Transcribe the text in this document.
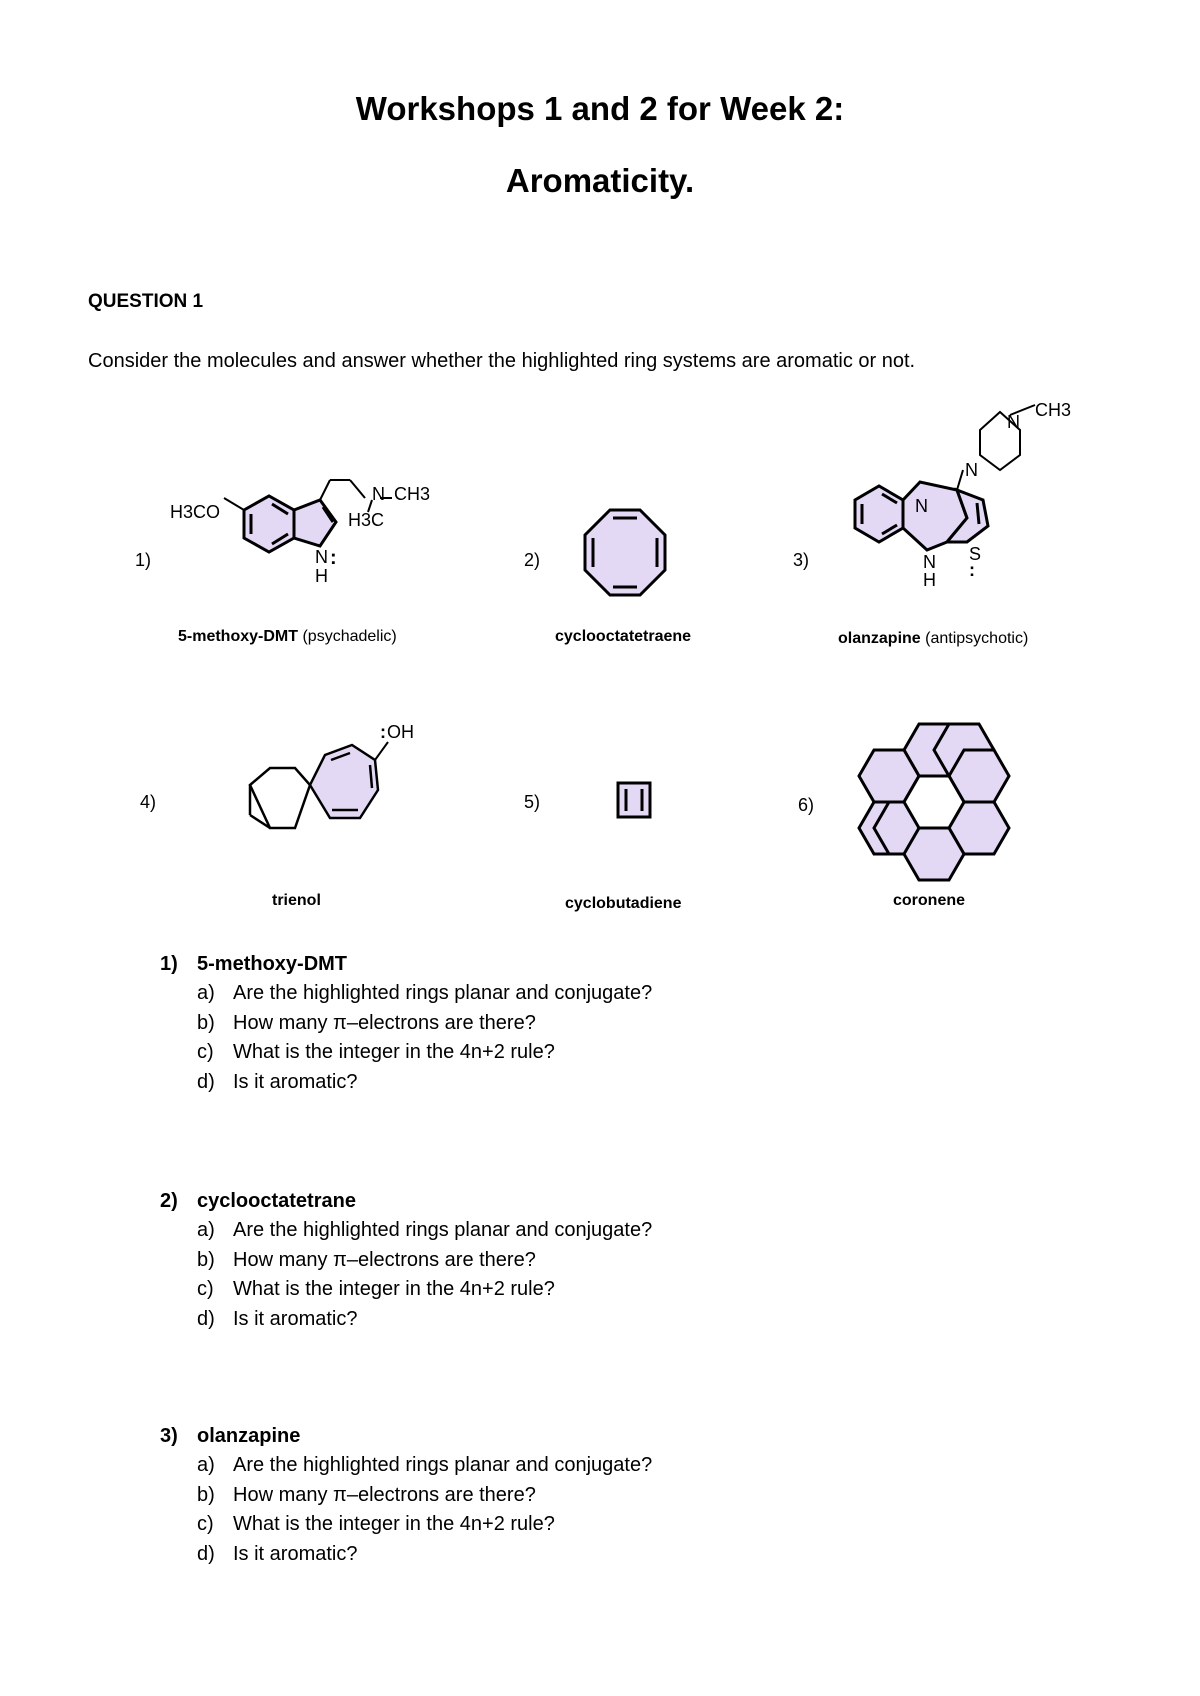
Workshops 1 and 2 for Week 2:
Aromaticity.
QUESTION 1
Consider the molecules and answer whether the highlighted ring systems are aromatic or not.
1)	2)	3)
4)	5)	6)
H3CO
N CH3
H3C
N
H
:
N
N
CH3
N
N
H
S
:
: OH
5-methoxy-DMT (psychadelic)	cyclooctatetraene	olanzapine (antipsychotic)
trienol	cyclobutadiene	coronene
1) 5-methoxy-DMT
a) Are the highlighted rings planar and conjugate?
b) How many π–electrons are there?
c) What is the integer in the 4n+2 rule?
d) Is it aromatic?
2) cyclooctatetrane
a) Are the highlighted rings planar and conjugate?
b) How many π–electrons are there?
c) What is the integer in the 4n+2 rule?
d) Is it aromatic?
3) olanzapine
a) Are the highlighted rings planar and conjugate?
b) How many π–electrons are there?
c) What is the integer in the 4n+2 rule?
d) Is it aromatic?
